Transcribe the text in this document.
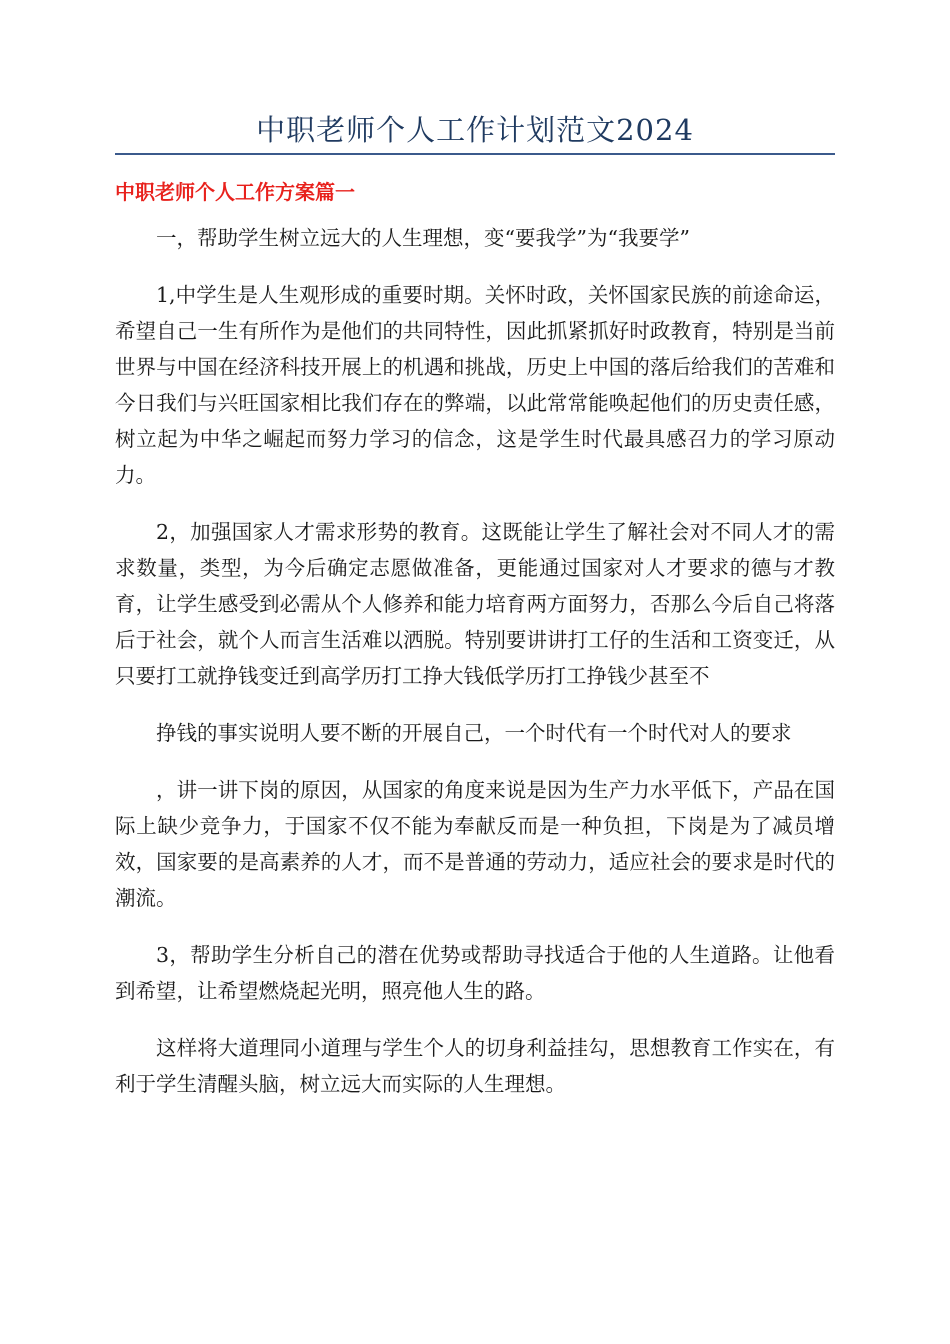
中职老师个人工作计划范文2024
中职老师个人工作方案篇一

一，帮助学生树立远大的人生理想，变“要我学”为“我要学”

1,中学生是人生观形成的重要时期。关怀时政，关怀国家民族的前途命运，希望自己一生有所作为是他们的共同特性，因此抓紧抓好时政教育，特别是当前世界与中国在经济科技开展上的机遇和挑战，历史上中国的落后给我们的苦难和今日我们与兴旺国家相比我们存在的弊端，以此常常能唤起他们的历史责任感，树立起为中华之崛起而努力学习的信念，这是学生时代最具感召力的学习原动力。

2，加强国家人才需求形势的教育。这既能让学生了解社会对不同人才的需求数量，类型，为今后确定志愿做准备，更能通过国家对人才要求的德与才教育，让学生感受到必需从个人修养和能力培育两方面努力，否那么今后自己将落后于社会，就个人而言生活难以洒脱。特别要讲讲打工仔的生活和工资变迁，从只要打工就挣钱变迁到高学历打工挣大钱低学历打工挣钱少甚至不

挣钱的事实说明人要不断的开展自己，一个时代有一个时代对人的要求

，讲一讲下岗的原因，从国家的角度来说是因为生产力水平低下，产品在国际上缺少竞争力，于国家不仅不能为奉献反而是一种负担，下岗是为了减员增效，国家要的是高素养的人才，而不是普通的劳动力，适应社会的要求是时代的潮流。

3，帮助学生分析自己的潜在优势或帮助寻找适合于他的人生道路。让他看到希望，让希望燃烧起光明，照亮他人生的路。

这样将大道理同小道理与学生个人的切身利益挂勾，思想教育工作实在，有利于学生清醒头脑，树立远大而实际的人生理想。
